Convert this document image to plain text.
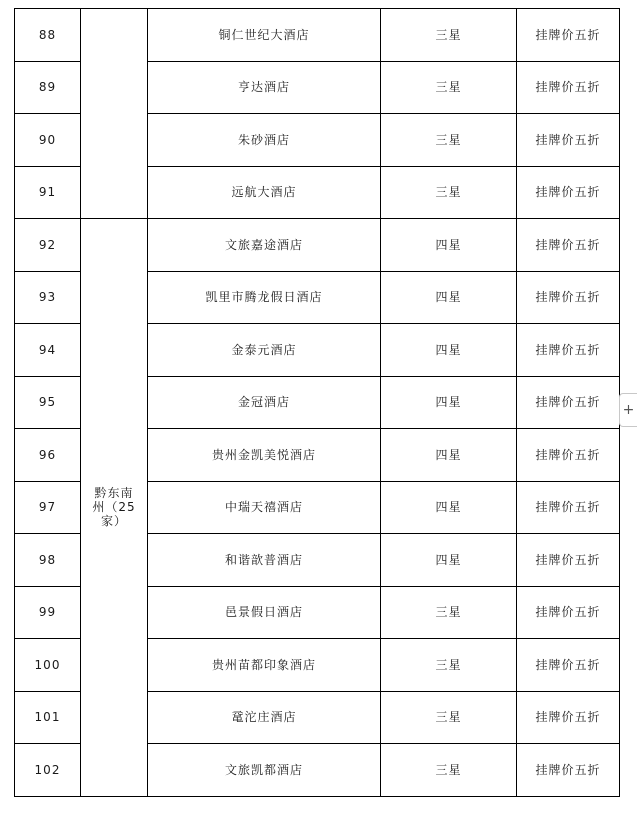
88		铜仁世纪大酒店	三星	挂牌价五折
89		亨达酒店	三星	挂牌价五折
90		朱砂酒店	三星	挂牌价五折
91		远航大酒店	三星	挂牌价五折
92	黔东南州（25家）	文旅嘉途酒店	四星	挂牌价五折
93		凯里市腾龙假日酒店	四星	挂牌价五折
94		金泰元酒店	四星	挂牌价五折
95		金冠酒店	四星	挂牌价五折
96		贵州金凯美悦酒店	四星	挂牌价五折
97		中瑞天禧酒店	四星	挂牌价五折
98		和谐歆普酒店	四星	挂牌价五折
99		邑景假日酒店	三星	挂牌价五折
100		贵州苗都印象酒店	三星	挂牌价五折
101		鼋沱庄酒店	三星	挂牌价五折
102		文旅凯都酒店	三星	挂牌价五折
+
